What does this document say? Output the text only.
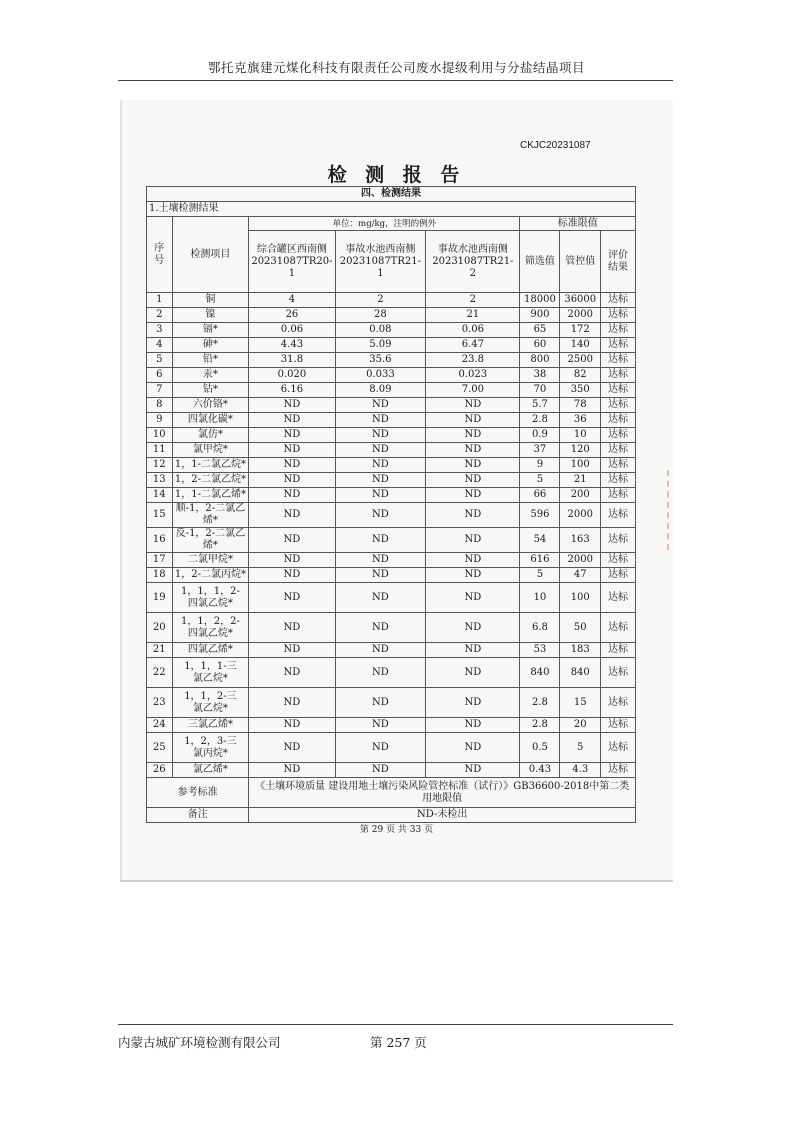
鄂托克旗建元煤化科技有限责任公司废水提级利用与分盐结晶项目
CKJC20231087
检 测 报 告
四、检测结果							
1.土壤检测结果							
序号	检测项目	单位：mg/kg，注明的例外			标准限值		
		综合罐区西南侧20231087TR20-1	事故水池西南侧20231087TR21-1	事故水池西南侧20231087TR21-2	筛选值	管控值	评价结果
1	铜	4	2	2	18000	36000	达标
2	镍	26	28	21	900	2000	达标
3	镉*	0.06	0.08	0.06	65	172	达标
4	砷*	4.43	5.09	6.47	60	140	达标
5	铅*	31.8	35.6	23.8	800	2500	达标
6	汞*	0.020	0.033	0.023	38	82	达标
7	钴*	6.16	8.09	7.00	70	350	达标
8	六价铬*	ND	ND	ND	5.7	78	达标
9	四氯化碳*	ND	ND	ND	2.8	36	达标
10	氯仿*	ND	ND	ND	0.9	10	达标
11	氯甲烷*	ND	ND	ND	37	120	达标
12	1，1-二氯乙烷*	ND	ND	ND	9	100	达标
13	1，2-二氯乙烷*	ND	ND	ND	5	21	达标
14	1，1-二氯乙烯*	ND	ND	ND	66	200	达标
15	顺-1，2-二氯乙烯*	ND	ND	ND	596	2000	达标
16	反-1，2-二氯乙烯*	ND	ND	ND	54	163	达标
17	二氯甲烷*	ND	ND	ND	616	2000	达标
18	1，2-二氯丙烷*	ND	ND	ND	5	47	达标
19	1，1，1，2-四氯乙烷*	ND	ND	ND	10	100	达标
20	1，1，2，2-四氯乙烷*	ND	ND	ND	6.8	50	达标
21	四氯乙烯*	ND	ND	ND	53	183	达标
22	1，1，1-三氯乙烷*	ND	ND	ND	840	840	达标
23	1，1，2-三氯乙烷*	ND	ND	ND	2.8	15	达标
24	三氯乙烯*	ND	ND	ND	2.8	20	达标
25	1，2，3-三氯丙烷*	ND	ND	ND	0.5	5	达标
26	氯乙烯*	ND	ND	ND	0.43	4.3	达标
参考标准		《土壤环境质量 建设用地土壤污染风险管控标准（试行）》GB36600-2018中第二类用地限值					
备注		ND-未检出					
第 29 页 共 33 页
内蒙古城矿环境检测有限公司	第 257 页
